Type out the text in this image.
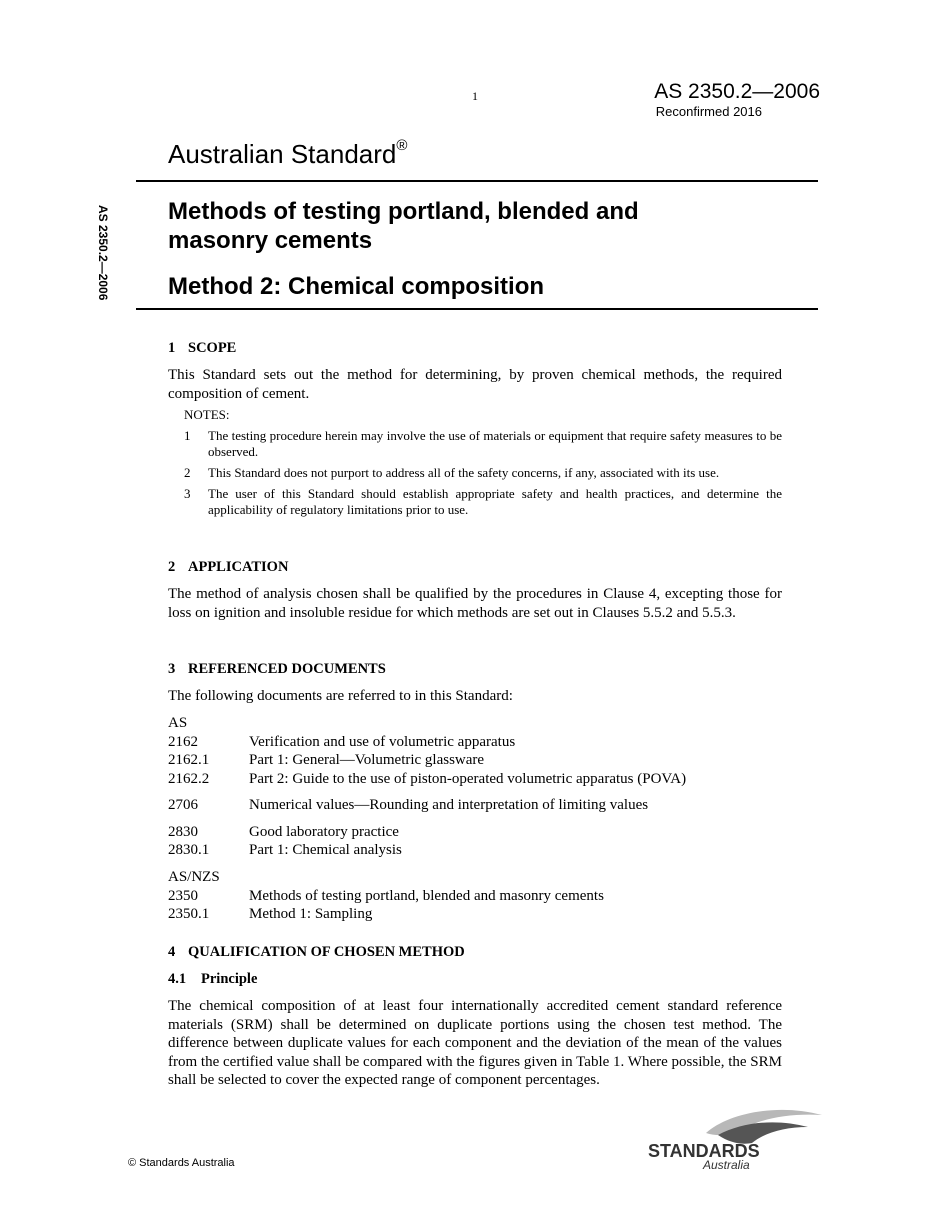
1	AS 2350.2—2006
Reconfirmed 2016
Australian Standard®
AS 2350.2—2006 Methods of testing portland, blended and
masonry cements
Method 2: Chemical composition
1 SCOPE
This Standard sets out the method for determining, by proven chemical methods, the required composition of cement.
NOTES:
1 The testing procedure herein may involve the use of materials or equipment that require safety measures to be observed.
2 This Standard does not purport to address all of the safety concerns, if any, associated with its use.
3 The user of this Standard should establish appropriate safety and health practices, and determine the applicability of regulatory limitations prior to use.
2 APPLICATION
The method of analysis chosen shall be qualified by the procedures in Clause 4, excepting those for loss on ignition and insoluble residue for which methods are set out in Clauses 5.5.2 and 5.5.3.
3 REFERENCED DOCUMENTS
The following documents are referred to in this Standard:
AS
2162	Verification and use of volumetric apparatus
2162.1	Part 1: General—Volumetric glassware
2162.2	Part 2: Guide to the use of piston-operated volumetric apparatus (POVA)
2706	Numerical values—Rounding and interpretation of limiting values
2830	Good laboratory practice
2830.1	Part 1: Chemical analysis
AS/NZS
2350	Methods of testing portland, blended and masonry cements
2350.1	Method 1: Sampling
4 QUALIFICATION OF CHOSEN METHOD
4.1 Principle
The chemical composition of at least four internationally accredited cement standard reference materials (SRM) shall be determined on duplicate portions using the chosen test method. The difference between duplicate values for each component and the deviation of the mean of the values from the certified value shall be compared with the figures given in Table 1. Where possible, the SRM shall be selected to cover the expected range of component percentages.
© Standards Australia
STANDARDS
Australia
